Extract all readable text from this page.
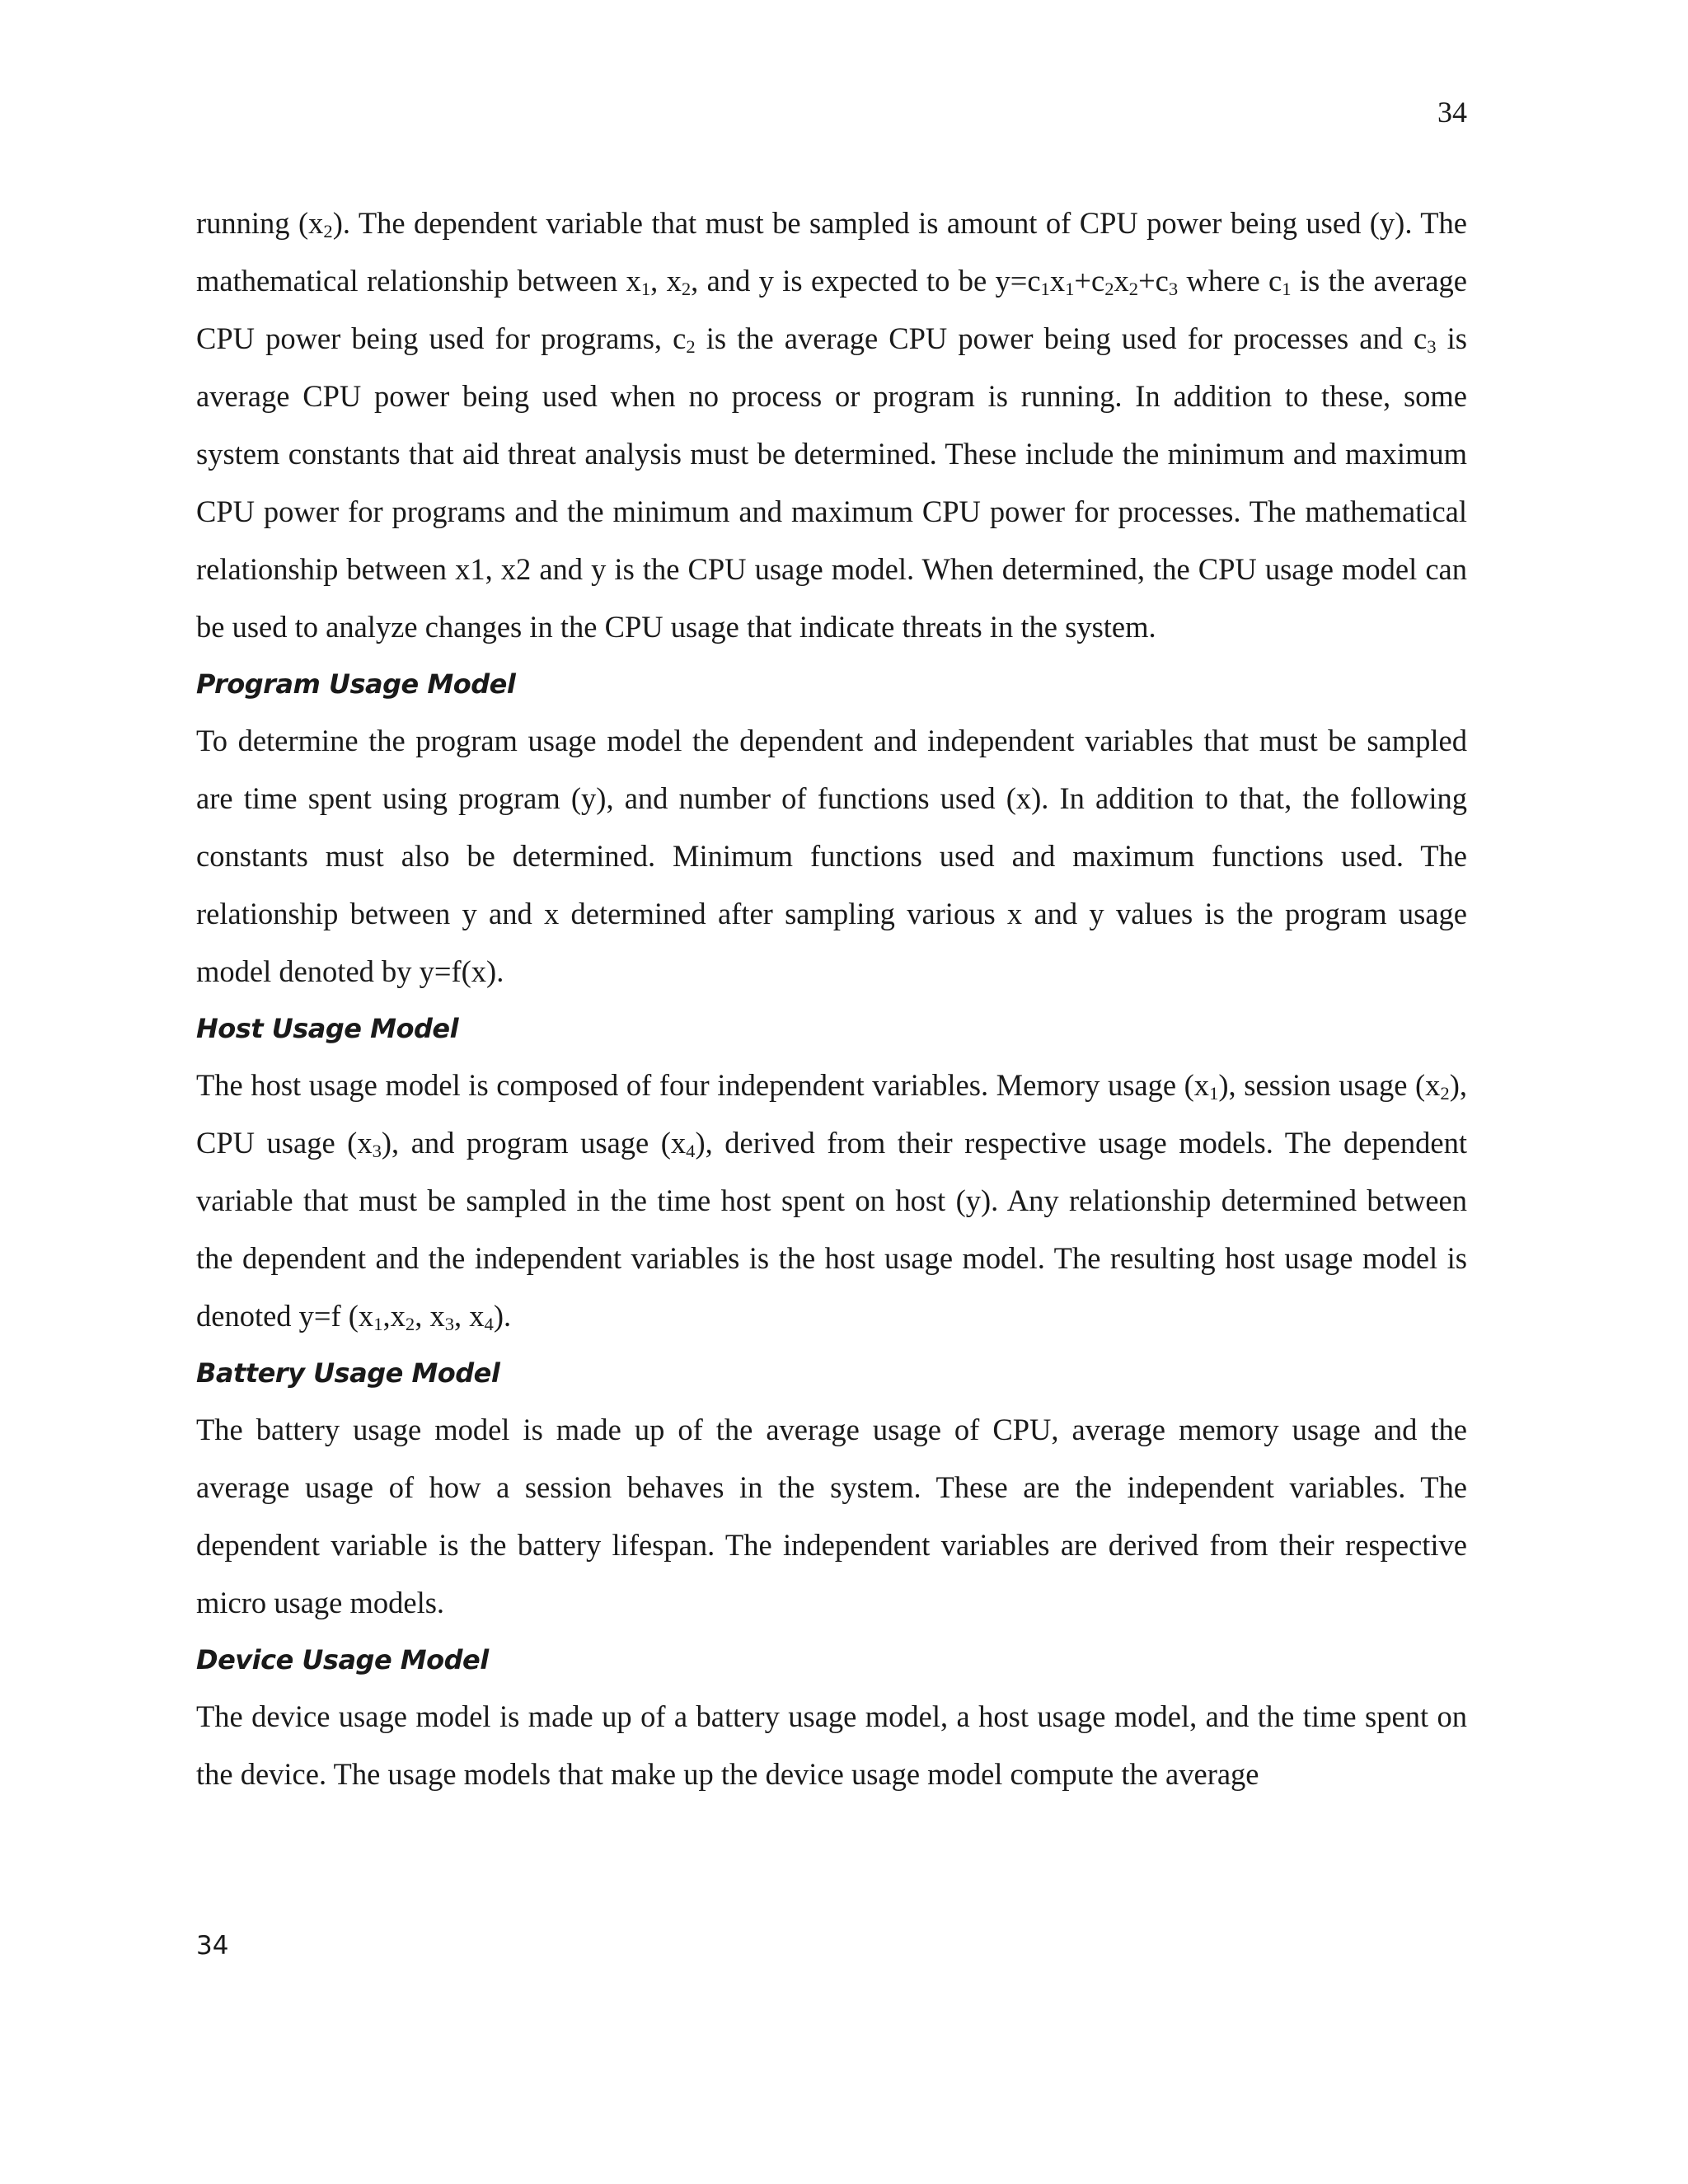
34

running $(x_2)$. The dependent variable that must be sampled is amount of CPU power being used (y). The mathematical relationship between $x_1$, $x_2$, and y is expected to be $y=c_1x_1+c_2x_2+c_3$ where $c_1$ is the average CPU power being used for programs, $c_2$ is the average CPU power being used for processes and $c_3$ is average CPU power being used when no process or program is running. In addition to these, some system constants that aid threat analysis must be determined. These include the minimum and maximum CPU power for programs and the minimum and maximum CPU power for processes. The mathematical relationship between x1, x2 and y is the CPU usage model. When determined, the CPU usage model can be used to analyze changes in the CPU usage that indicate threats in the system.

Program Usage Model

To determine the program usage model the dependent and independent variables that must be sampled are time spent using program (y), and number of functions used (x). In addition to that, the following constants must also be determined. Minimum functions used and maximum functions used. The relationship between y and x determined after sampling various x and y values is the program usage model denoted by y=f(x).

Host Usage Model

The host usage model is composed of four independent variables. Memory usage $(x_1)$, session usage $(x_2)$, CPU usage $(x_3)$, and program usage $(x_4)$, derived from their respective usage models. The dependent variable that must be sampled in the time host spent on host (y). Any relationship determined between the dependent and the independent variables is the host usage model. The resulting host usage model is denoted y=f ($x_1,x_2$, $x_3$, $x_4$).

Battery Usage Model

The battery usage model is made up of the average usage of CPU, average memory usage and the average usage of how a session behaves in the system. These are the independent variables. The dependent variable is the battery lifespan. The independent variables are derived from their respective micro usage models.

Device Usage Model

The device usage model is made up of a battery usage model, a host usage model, and the time spent on the device. The usage models that make up the device usage model compute the average

34
